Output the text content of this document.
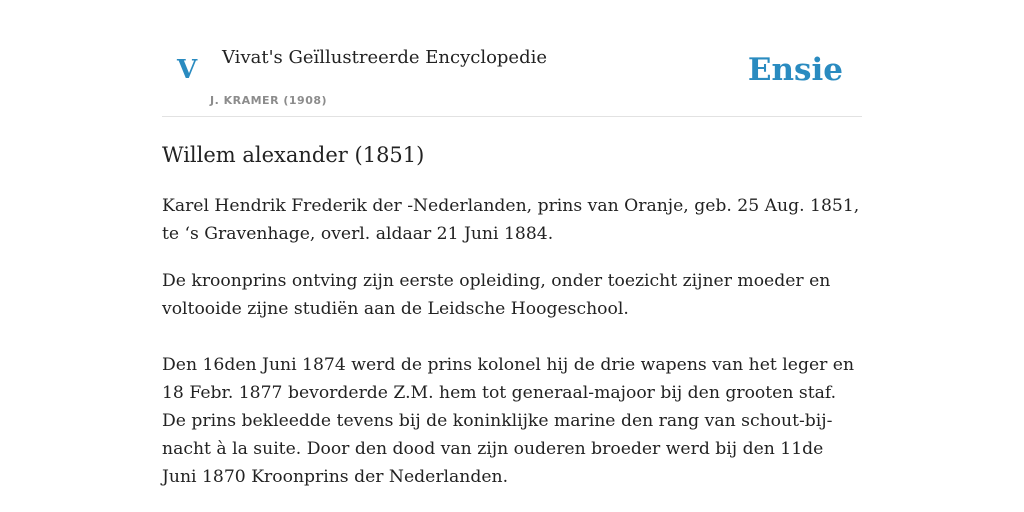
V Vivat's Geïllustreerde Encyclopedie
J. KRAMER (1908)
Ensie
Willem alexander (1851)

Karel Hendrik Frederik der -Nederlanden, prins van Oranje, geb. 25 Aug. 1851, te ‘s Gravenhage, overl. aldaar 21 Juni 1884.

De kroonprins ontving zijn eerste opleiding, onder toezicht zijner moeder en voltooide zijne studiën aan de Leidsche Hoogeschool.

Den 16den Juni 1874 werd de prins kolonel hij de drie wapens van het leger en 18 Febr. 1877 bevorderde Z.M. hem tot generaal-majoor bij den grooten staf. De prins bekleedde tevens bij de koninklijke marine den rang van schout-bij-nacht à la suite. Door den dood van zijn ouderen broeder werd bij den 11de Juni 1870 Kroonprins der Nederlanden.
